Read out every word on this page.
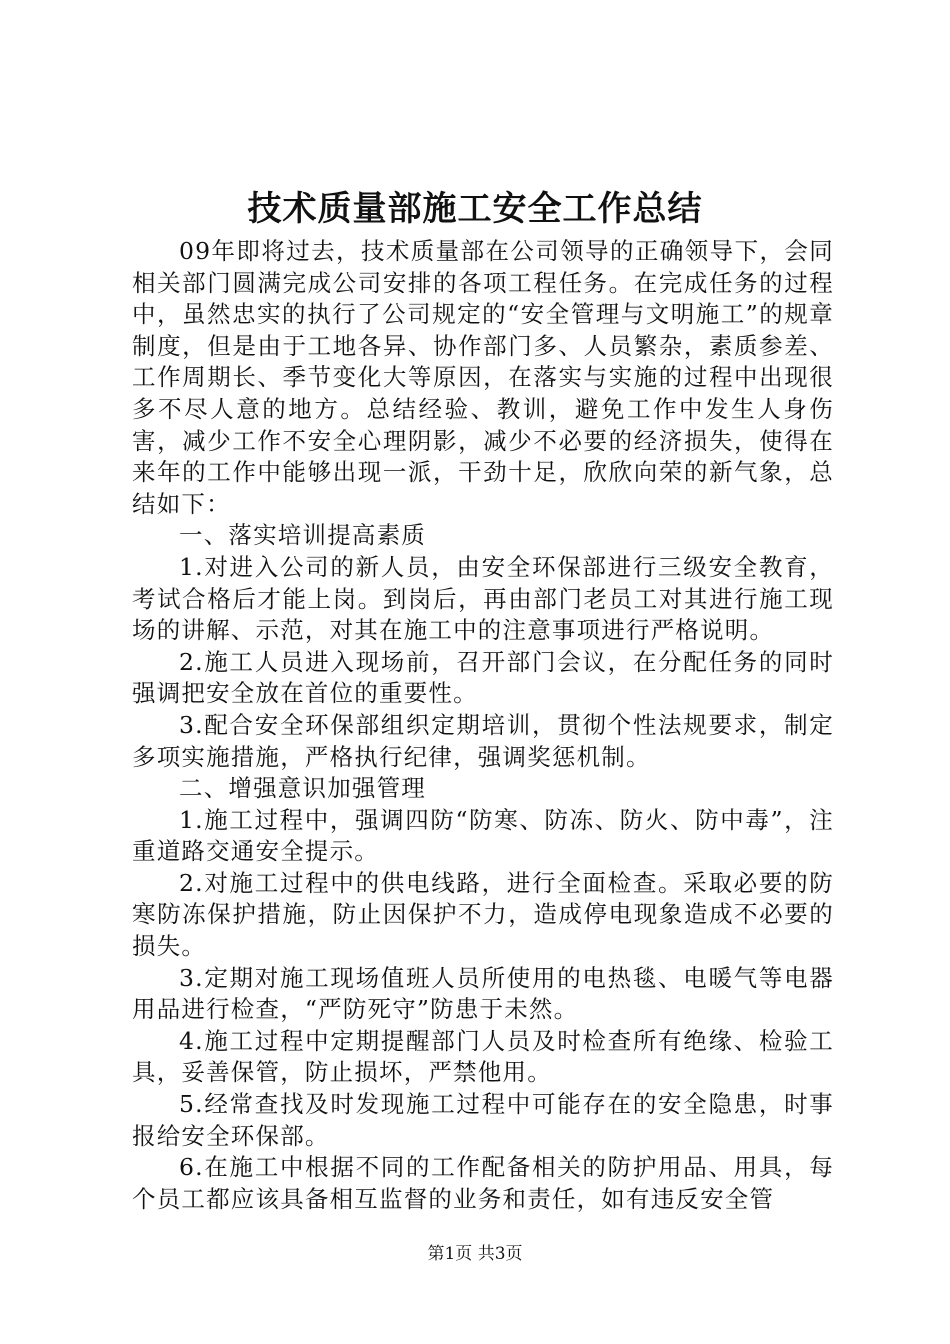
技术质量部施工安全工作总结

09年即将过去，技术质量部在公司领导的正确领导下，会同相关部门圆满完成公司安排的各项工程任务。在完成任务的过程中，虽然忠实的执行了公司规定的“安全管理与文明施工”的规章制度，但是由于工地各异、协作部门多、人员繁杂，素质参差、工作周期长、季节变化大等原因，在落实与实施的过程中出现很多不尽人意的地方。总结经验、教训，避免工作中发生人身伤害，减少工作不安全心理阴影，减少不必要的经济损失，使得在来年的工作中能够出现一派，干劲十足，欣欣向荣的新气象，总结如下：

一、落实培训提高素质

1.对进入公司的新人员，由安全环保部进行三级安全教育，考试合格后才能上岗。到岗后，再由部门老员工对其进行施工现场的讲解、示范，对其在施工中的注意事项进行严格说明。

2.施工人员进入现场前，召开部门会议，在分配任务的同时强调把安全放在首位的重要性。

3.配合安全环保部组织定期培训，贯彻个性法规要求，制定多项实施措施，严格执行纪律，强调奖惩机制。

二、增强意识加强管理

1.施工过程中，强调四防“防寒、防冻、防火、防中毒”，注重道路交通安全提示。

2.对施工过程中的供电线路，进行全面检查。采取必要的防寒防冻保护措施，防止因保护不力，造成停电现象造成不必要的损失。

3.定期对施工现场值班人员所使用的电热毯、电暖气等电器用品进行检查，“严防死守”防患于未然。

4.施工过程中定期提醒部门人员及时检查所有绝缘、检验工具，妥善保管，防止损坏，严禁他用。

5.经常查找及时发现施工过程中可能存在的安全隐患，时事报给安全环保部。

6.在施工中根据不同的工作配备相关的防护用品、用具，每个员工都应该具备相互监督的业务和责任，如有违反安全管

第1页 共3页
